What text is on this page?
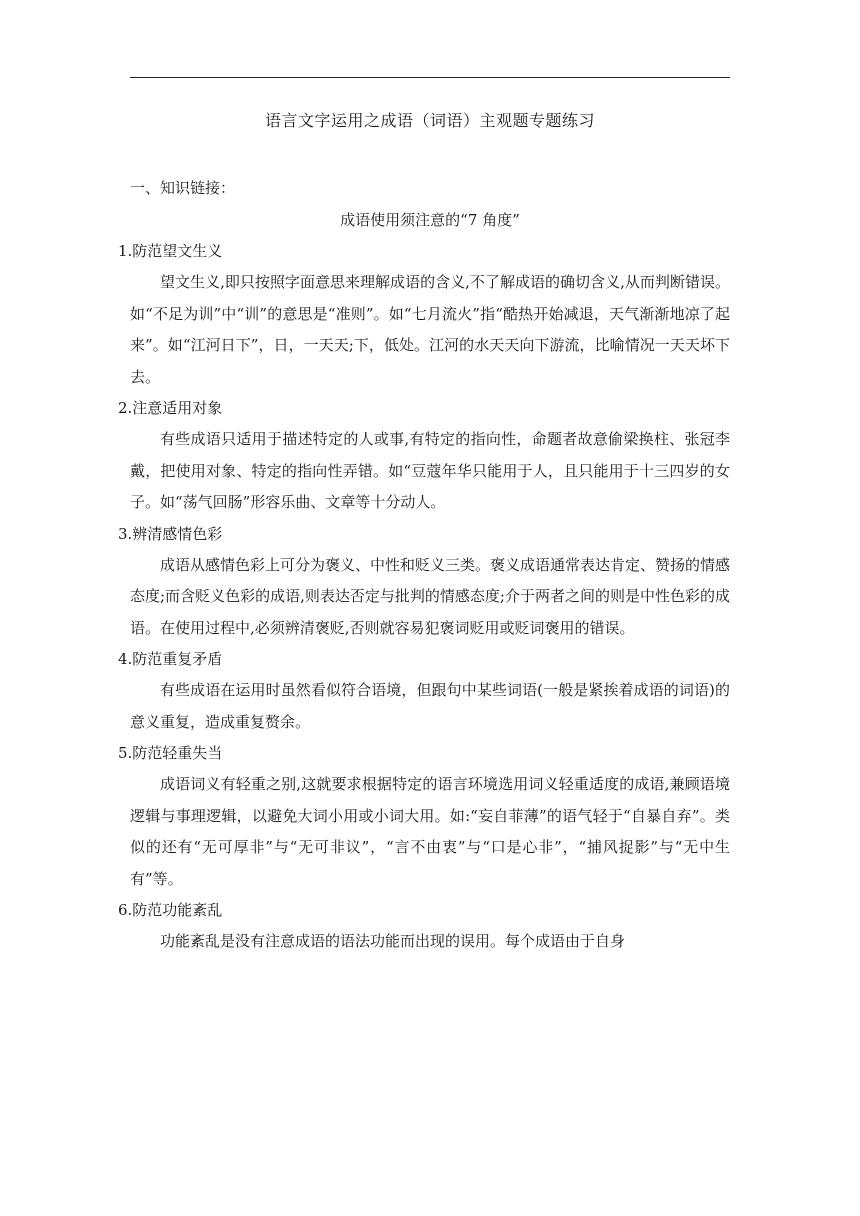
语言文字运用之成语（词语）主观题专题练习
一、知识链接：
成语使用须注意的“7 角度”
1.防范望文生义

望文生义,即只按照字面意思来理解成语的含义,不了解成语的确切含义,从而判断错误。如“不足为训”中“训”的意思是“准则”。如“七月流火”指“酷热开始减退，天气渐渐地凉了起来”。如“江河日下”，日，一天天;下，低处。江河的水天天向下游流，比喻情况一天天坏下去。

2.注意适用对象

有些成语只适用于描述特定的人或事,有特定的指向性，命题者故意偷梁换柱、张冠李戴，把使用对象、特定的指向性弄错。如“豆蔻年华只能用于人，且只能用于十三四岁的女子。如“荡气回肠”形容乐曲、文章等十分动人。

3.辨清感情色彩

成语从感情色彩上可分为褒义、中性和贬义三类。褒义成语通常表达肯定、赞扬的情感态度;而含贬义色彩的成语,则表达否定与批判的情感态度;介于两者之间的则是中性色彩的成语。在使用过程中,必须辨清褒贬,否则就容易犯褒词贬用或贬词褒用的错误。

4.防范重复矛盾

有些成语在运用时虽然看似符合语境，但跟句中某些词语(一般是紧挨着成语的词语)的意义重复，造成重复赘余。

5.防范轻重失当

成语词义有轻重之别,这就要求根据特定的语言环境选用词义轻重适度的成语,兼顾语境逻辑与事理逻辑，以避免大词小用或小词大用。如:“妄自菲薄”的语气轻于“自暴自弃”。类似的还有“无可厚非”与“无可非议”，“言不由衷”与“口是心非”，“捕风捉影”与“无中生有”等。

6.防范功能紊乱

功能紊乱是没有注意成语的语法功能而出现的误用。每个成语由于自身
